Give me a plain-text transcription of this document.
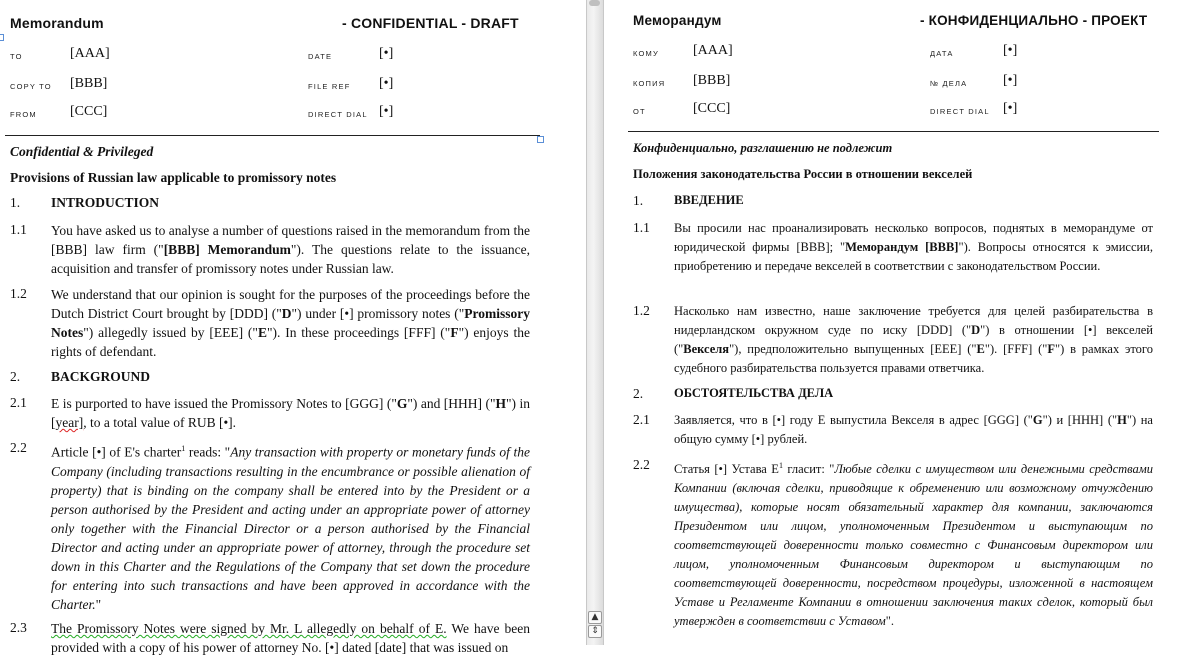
Memorandum	- CONFIDENTIAL - DRAFT
TO	[AAA]	DATE	[•]
COPY TO [BBB]	FILE REF [•]
FROM [CCC]	DIRECT DIAL [•]
Confidential & Privileged
Provisions of Russian law applicable to promissory notes
1. INTRODUCTION
1.1 You have asked us to analyse a number of questions raised in the memorandum from the [BBB] law firm ("[BBB] Memorandum"). The questions relate to the issuance, acquisition and transfer of promissory notes under Russian law.
1.2 We understand that our opinion is sought for the purposes of the proceedings before the Dutch District Court brought by [DDD] ("D") under [•] promissory notes ("Promissory Notes") allegedly issued by [EEE] ("E"). In these proceedings [FFF] ("F") enjoys the rights of defendant.
2. BACKGROUND
2.1 E is purported to have issued the Promissory Notes to [GGG] ("G") and [HHH] ("H") in [year], to a total value of RUB [•].
2.2 Article [•] of E's charter$^1$ reads: "Any transaction with property or monetary funds of the Company (including transactions resulting in the encumbrance or possible alienation of property) that is binding on the company shall be entered into by the President or a person authorised by the President and acting under an appropriate power of attorney only together with the Financial Director or a person authorised by the Financial Director and acting under an appropriate power of attorney, through the procedure set down in this Charter and the Regulations of the Company that set down the procedure for entering into such transactions and have been approved in accordance with the Charter."
2.3 The Promissory Notes were signed by Mr. L allegedly on behalf of E. We have been provided with a copy of his power of attorney No. [•] dated [date] that was issued on
▲
⇕
Меморандум	- КОНФИДЕНЦИАЛЬНО - ПРОЕКТ
КОМУ [AAA]	ДАТА	[•]
КОПИЯ [BBB]	№ ДЕЛА	[•]
ОТ	[CCC]	DIRECT DIAL [•]
Конфиденциально, разглашению не подлежит
Положения законодательства России в отношении векселей
1. ВВЕДЕНИЕ
1.1 Вы просили нас проанализировать несколько вопросов, поднятых в меморандуме от юридической фирмы [BBB]; "Меморандум [BBB]"). Вопросы относятся к эмиссии, приобретению и передаче векселей в соответствии с законодательством России.
1.2 Насколько нам известно, наше заключение требуется для целей разбирательства в нидерландском окружном суде по иску [DDD] ("D") в отношении [•] векселей ("Векселя"), предположительно выпущенных [EEE] ("E"). [FFF] ("F") в рамках этого судебного разбирательства пользуется правами ответчика.
2. ОБСТОЯТЕЛЬСТВА ДЕЛА
2.1 Заявляется, что в [•] году E выпустила Векселя в адрес [GGG] ("G") и [HHH] ("H") на общую сумму [•] рублей.
2.2 Статья [•] Устава $E^1$ гласит: "Любые сделки с имуществом или денежными средствами Компании (включая сделки, приводящие к обременению или возможному отчуждению имущества), которые носят обязательный характер для компании, заключаются Президентом или лицом, уполномоченным Президентом и выступающим по соответствующей доверенности только совместно с Финансовым директором или лицом, уполномоченным Финансовым директором и выступающим по соответствующей доверенности, посредством процедуры, изложенной в настоящем Уставе и Регламенте Компании в отношении заключения таких сделок, который был утвержден в соответствии с Уставом".
